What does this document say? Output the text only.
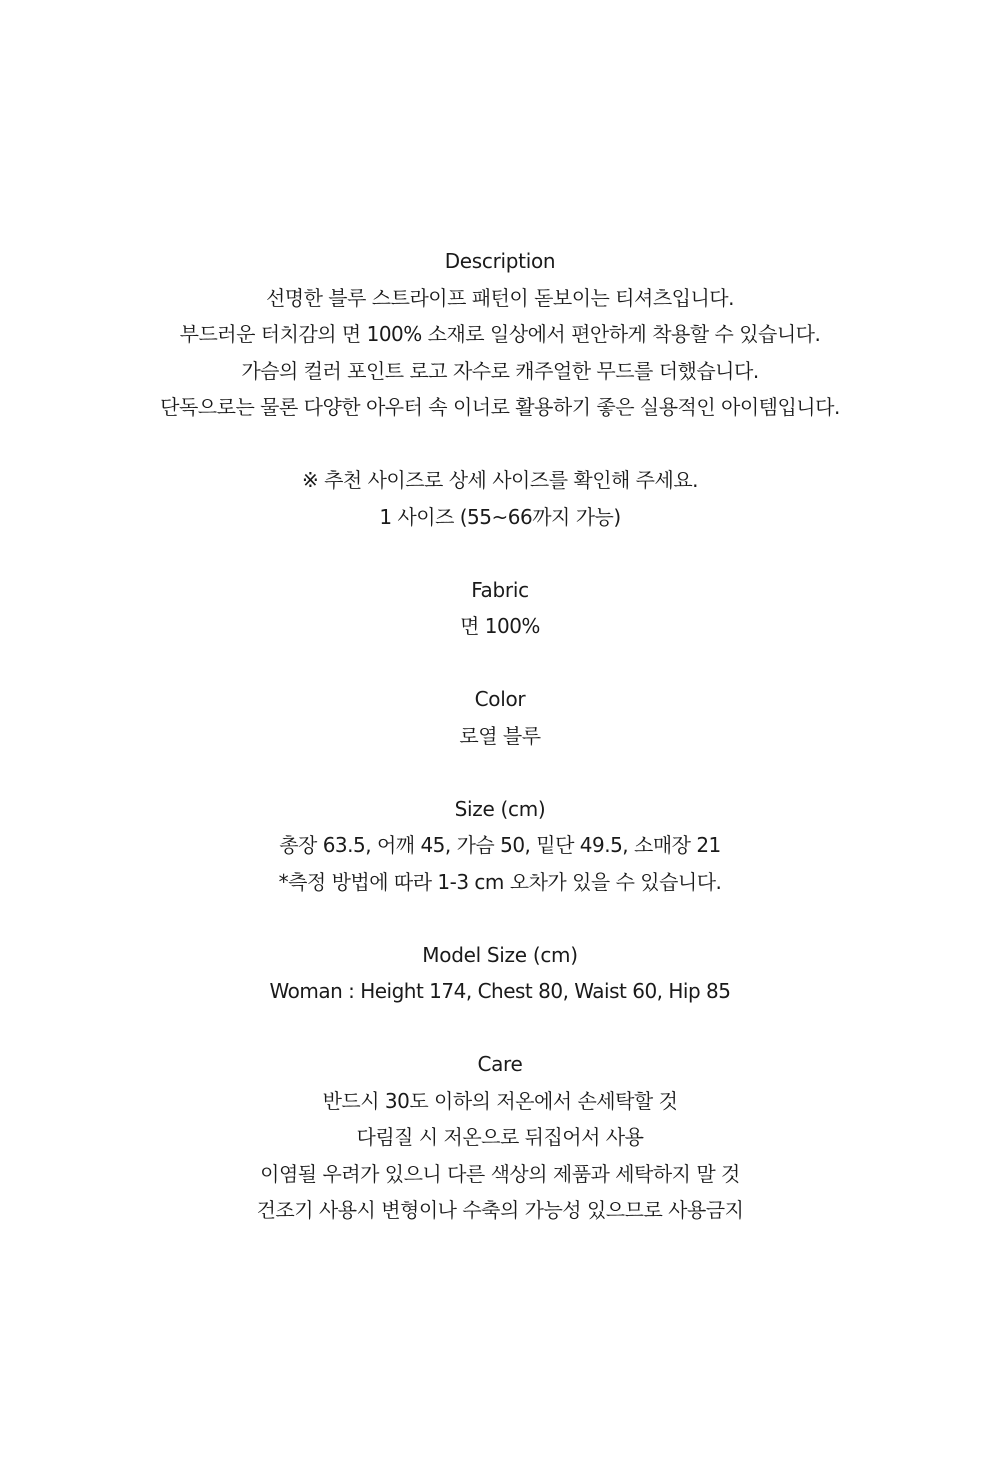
Description
선명한 블루 스트라이프 패턴이 돋보이는 티셔츠입니다.
부드러운 터치감의 면 100% 소재로 일상에서 편안하게 착용할 수 있습니다.
가슴의 컬러 포인트 로고 자수로 캐주얼한 무드를 더했습니다.
단독으로는 물론 다양한 아우터 속 이너로 활용하기 좋은 실용적인 아이템입니다.
※ 추천 사이즈로 상세 사이즈를 확인해 주세요.
1 사이즈 (55~66까지 가능)
Fabric
면 100%
Color
로열 블루
Size (cm)
총장 63.5, 어깨 45, 가슴 50, 밑단 49.5, 소매장 21
*측정 방법에 따라 1-3 cm 오차가 있을 수 있습니다.
Model Size (cm)
Woman : Height 174, Chest 80, Waist 60, Hip 85
Care
반드시 30도 이하의 저온에서 손세탁할 것
다림질 시 저온으로 뒤집어서 사용
이염될 우려가 있으니 다른 색상의 제품과 세탁하지 말 것
건조기 사용시 변형이나 수축의 가능성 있으므로 사용금지
